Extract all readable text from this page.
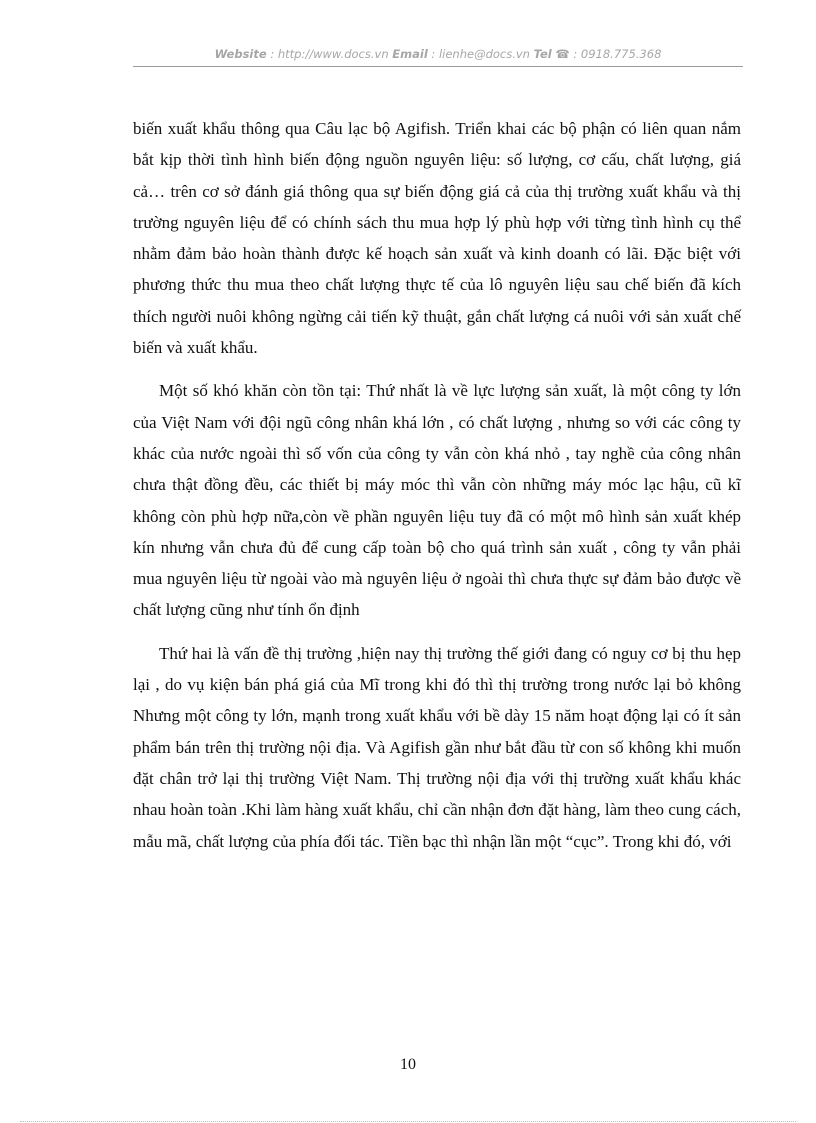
Website : http://www.docs.vn Email : lienhe@docs.vn Tel ☎ : 0918.775.368

biến xuất khẩu thông qua Câu lạc bộ Agifish. Triển khai các bộ phận có liên quan nắm bắt kịp thời tình hình biến động nguồn nguyên liệu: số lượng, cơ cấu, chất lượng, giá cả… trên cơ sở đánh giá thông qua sự biến động giá cả của thị trường xuất khẩu và thị trường nguyên liệu để có chính sách thu mua hợp lý phù hợp với từng tình hình cụ thể nhằm đảm bảo hoàn thành được kế hoạch sản xuất và kinh doanh có lãi. Đặc biệt với phương thức thu mua theo chất lượng thực tế của lô nguyên liệu sau chế biến đã kích thích người nuôi không ngừng cải tiến kỹ thuật, gắn chất lượng cá nuôi với sản xuất chế biến và xuất khẩu.

Một số khó khăn còn tồn tại: Thứ nhất là về lực lượng sản xuất, là một công ty lớn của Việt Nam với đội ngũ công nhân khá lớn , có chất lượng , nhưng so với các công ty khác của nước ngoài thì số vốn của công ty vẫn còn khá nhỏ , tay nghề của công nhân chưa thật đồng đều, các thiết bị máy móc thì vẫn còn những máy móc lạc hậu, cũ kĩ không còn phù hợp nữa,còn về phần nguyên liệu tuy đã có một mô hình sản xuất khép kín nhưng vẫn chưa đủ để cung cấp toàn bộ cho quá trình sản xuất , công ty vẫn phải mua nguyên liệu từ ngoài vào mà nguyên liệu ở ngoài thì chưa thực sự đảm bảo được về chất lượng cũng như tính ổn định

Thứ hai là vấn đề thị trường ,hiện nay thị trường thế giới đang có nguy cơ bị thu hẹp lại , do vụ kiện bán phá giá của Mĩ trong khi đó thì thị trường trong nước lại bỏ không Nhưng một công ty lớn, mạnh trong xuất khẩu với bề dày 15 năm hoạt động lại có ít sản phẩm bán trên thị trường nội địa. Và Agifish gần như bắt đầu từ con số không khi muốn đặt chân trở lại thị trường Việt Nam. Thị trường nội địa với thị trường xuất khẩu khác nhau hoàn toàn .Khi làm hàng xuất khẩu, chỉ cần nhận đơn đặt hàng, làm theo cung cách, mẫu mã, chất lượng của phía đối tác. Tiền bạc thì nhận lần một “cục”. Trong khi đó, với

10
